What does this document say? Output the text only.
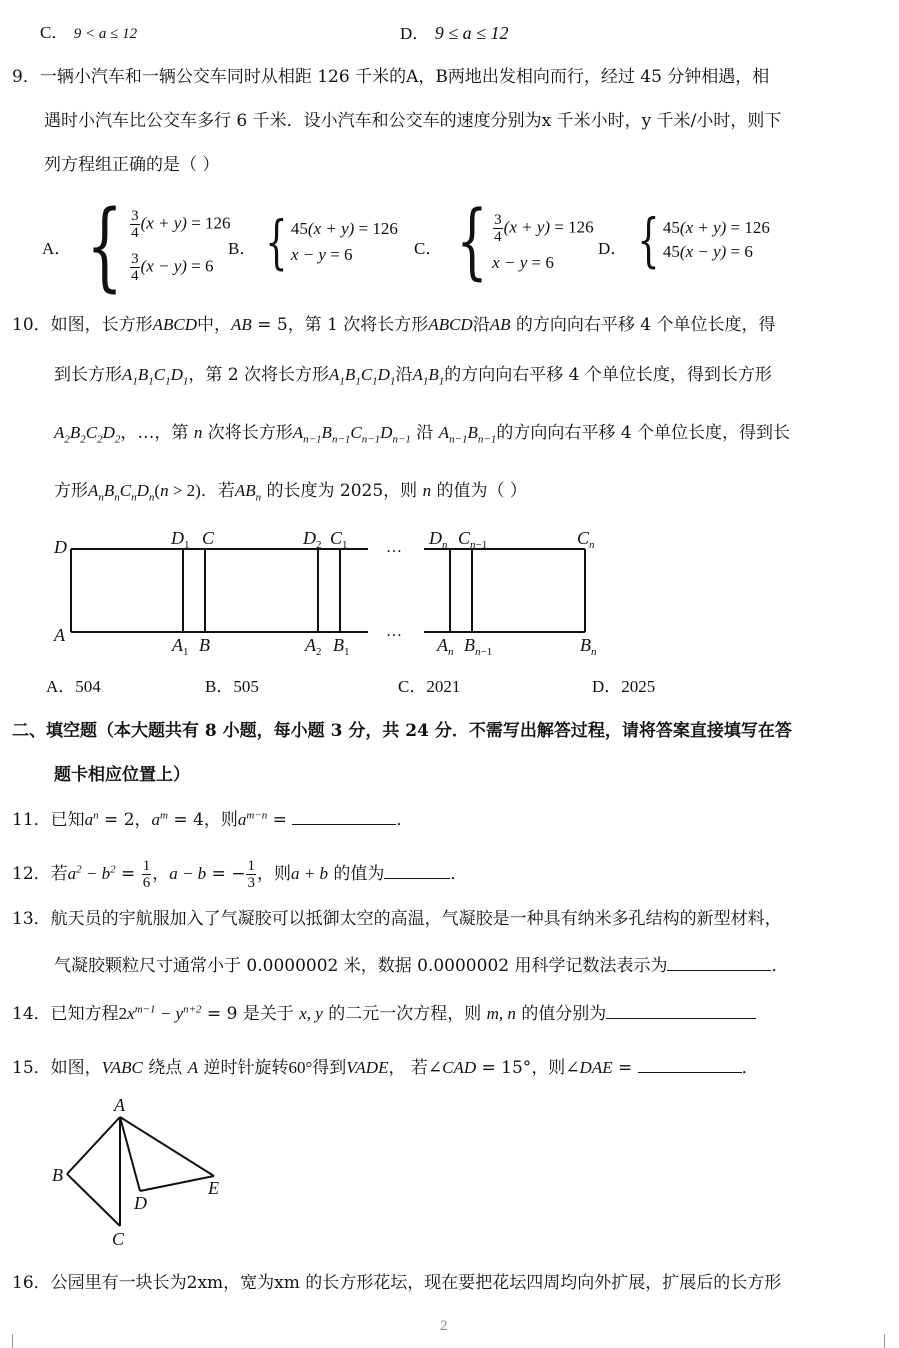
C． 9 < a ≤ 12	D． 9 ≤ a ≤ 12
9．一辆小汽车和一辆公交车同时从相距 126 千米的A，B两地出发相向而行，经过 45 分钟相遇，相
遇时小汽车比公交车多行 6 千米．设小汽车和公交车的速度分别为x 千米小时，y 千米/小时，则下
列方程组正确的是（ ）
A． { $\frac{3}{4} (x + y) = 126$
$\frac{3}{4} (x - y) = 6$
B． { 45(x + y) = 126
x − y = 6	C． { $\frac{3}{4} (x + y) = 126$
x − y = 6
D． { 45(x + y) = 126
45(x − y) = 6
10．如图，长方形ABCD中，AB = 5，第 1 次将长方形ABCD沿AB 的方向向右平移 4 个单位长度，得
到长方形$A_1B_1C_1D_1$，第 2 次将长方形$A_1B_1C_1D_1$沿$A_1B_1$的方向向右平移 4 个单位长度，得到长方形
$A_2B_2C_2D_2$，…，第 n 次将长方形$A_{n-1}B_{n-1}C_{n-1}D_{n-1}$ 沿 $A_{n-1}B_{n-1}$的方向向右平移 4 个单位长度，得到长
方形$A_nB_nC_nD_n(n > 2)$．若$AB_n$ 的长度为 2025，则 n 的值为（ ）
D	$D_1$ C	$D_2$ $C_1$ … $D_n$ $C_n-1$	$C_n$
A	$A_1$ B	$A_2$ $B_1$
…
$A_n$ $B_n-1$	$B_n$
A．504	B．505	C．2021	D．2025
二、填空题（本大题共有 8 小题，每小题 3 分，共 24 分．不需写出解答过程，请将答案直接填写在答
题卡相应位置上）
11．已知$a^n = 2$，$a^m = 4$，则$a^{m-n}$ =	．
12．若$a^2 - b^2 = \frac{1}{6}$ ，a − b = − $\frac{1}{3}$ ，则a + b 的值为	．
13．航天员的宇航服加入了气凝胶可以抵御太空的高温，气凝胶是一种具有纳米多孔结构的新型材料，
气凝胶颗粒尺寸通常小于 0.0000002 米，数据 0.0000002 用科学记数法表示为	．
14．已知方程$2x^{m-1} - y^{n+2} = 9$ 是关于 x, y 的二元一次方程，则 m, n 的值分别为
15．如图，VABC 绕点 A 逆时针旋转60°得到VADE， 若∠CAD = 15°，则∠DAE =	．
A
B
C
D
E
16．公园里有一块长为2xm，宽为xm 的长方形花坛，现在要把花坛四周均向外扩展，扩展后的长方形
2
